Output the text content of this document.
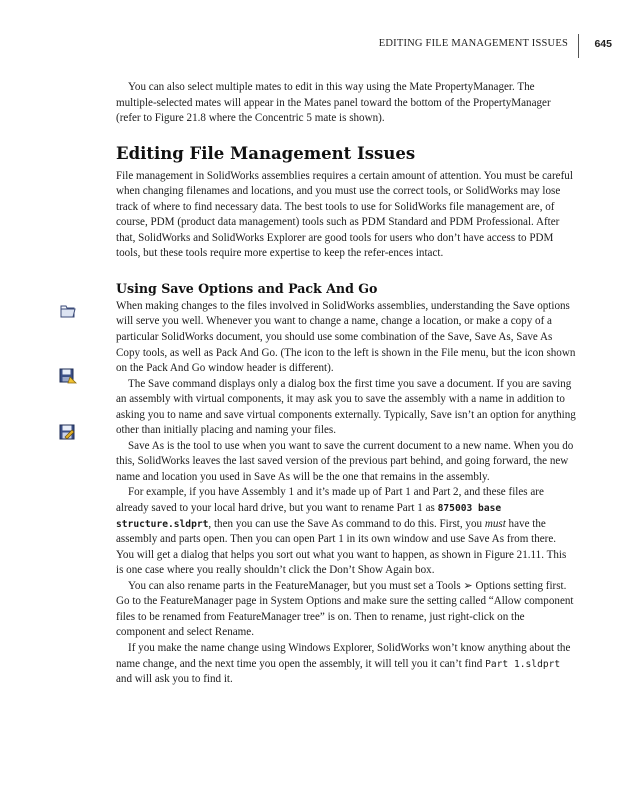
EDITING FILE MANAGEMENT ISSUES	645

You can also select multiple mates to edit in this way using the Mate PropertyManager. The multiple-selected mates will appear in the Mates panel toward the bottom of the PropertyManager (refer to Figure 21.8 where the Concentric 5 mate is shown).

Editing File Management Issues

File management in SolidWorks assemblies requires a certain amount of attention. You must be careful when changing filenames and locations, and you must use the correct tools, or SolidWorks may lose track of where to find necessary data. The best tools to use for SolidWorks file management are, of course, PDM (product data management) tools such as PDM Standard and PDM Professional. After that, SolidWorks and SolidWorks Explorer are good tools for users who don’t have access to PDM tools, but these tools require more expertise to keep the refer-ences intact.

Using Save Options and Pack And Go

When making changes to the files involved in SolidWorks assemblies, understanding the Save options will serve you well. Whenever you want to change a name, change a location, or make a copy of a particular SolidWorks document, you should use some combination of the Save, Save As, Save As Copy tools, as well as Pack And Go. (The icon to the left is shown in the File menu, but the icon shown on the Pack And Go window header is different).

The Save command displays only a dialog box the first time you save a document. If you are saving an assembly with virtual components, it may ask you to save the assembly with a name in addition to asking you to name and save virtual components externally. Typically, Save isn’t an option for anything other than initially placing and naming your files.

Save As is the tool to use when you want to save the current document to a new name. When you do this, SolidWorks leaves the last saved version of the previous part behind, and going forward, the new name and location you used in Save As will be the one that remains in the assembly.

For example, if you have Assembly 1 and it’s made up of Part 1 and Part 2, and these files are already saved to your local hard drive, but you want to rename Part 1 as 875003 base structure.sldprt, then you can use the Save As command to do this. First, you must have the assembly and parts open. Then you can open Part 1 in its own window and use Save As from there. You will get a dialog that helps you sort out what you want to happen, as shown in Figure 21.11. This is one case where you really shouldn’t click the Don’t Show Again box.

You can also rename parts in the FeatureManager, but you must set a Tools ➢ Options setting first. Go to the FeatureManager page in System Options and make sure the setting called “Allow component files to be renamed from FeatureManager tree” is on. Then to rename, just right-click on the component and select Rename.

If you make the name change using Windows Explorer, SolidWorks won’t know anything about the name change, and the next time you open the assembly, it will tell you it can’t find Part 1.sldprt and will ask you to find it.
